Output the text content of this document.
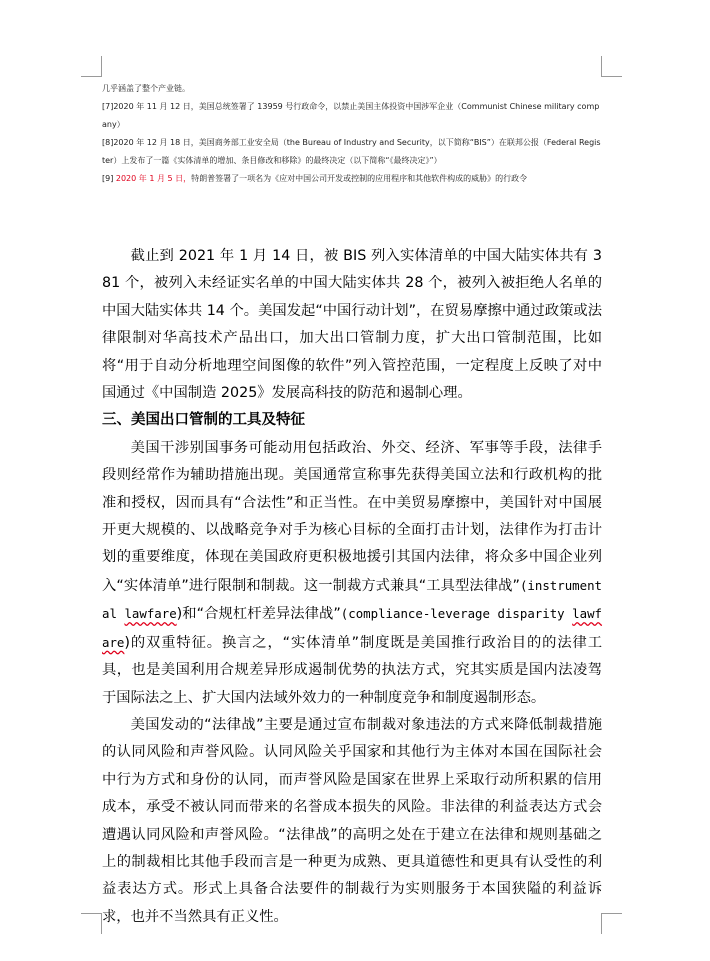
几乎涵盖了整个产业链。

[7]2020 年 11 月 12 日，美国总统签署了 13959 号行政命令，以禁止美国主体投资中国涉军企业（Communist Chinese military company）

[8]2020 年 12 月 18 日，美国商务部工业安全局（the Bureau of Industry and Security，以下简称“BIS”）在联邦公报（Federal Register）上发布了一篇《实体清单的增加、条目修改和移除》的最终决定（以下简称“《最终决定》”）

[9] 2020 年 1 月 5 日，特朗普签署了一项名为《应对中国公司开发或控制的应用程序和其他软件构成的威胁》的行政令

截止到 2021 年 1 月 14 日，被 BIS 列入实体清单的中国大陆实体共有 381 个，被列入未经证实名单的中国大陆实体共 28 个，被列入被拒绝人名单的中国大陆实体共 14 个。美国发起“中国行动计划”，在贸易摩擦中通过政策或法律限制对华高技术产品出口，加大出口管制力度，扩大出口管制范围，比如将“用于自动分析地理空间图像的软件”列入管控范围，一定程度上反映了对中国通过《中国制造 2025》发展高科技的防范和遏制心理。

三、美国出口管制的工具及特征

美国干涉别国事务可能动用包括政治、外交、经济、军事等手段，法律手段则经常作为辅助措施出现。美国通常宣称事先获得美国立法和行政机构的批准和授权，因而具有“合法性”和正当性。在中美贸易摩擦中，美国针对中国展开更大规模的、以战略竞争对手为核心目标的全面打击计划，法律作为打击计划的重要维度，体现在美国政府更积极地援引其国内法律，将众多中国企业列入“实体清单”进行限制和制裁。这一制裁方式兼具“工具型法律战”(instrumental lawfare)和“合规杠杆差异法律战”(compliance-leverage disparity lawfare)的双重特征。换言之，“实体清单”制度既是美国推行政治目的的法律工具，也是美国利用合规差异形成遏制优势的执法方式，究其实质是国内法凌驾于国际法之上、扩大国内法域外效力的一种制度竞争和制度遏制形态。

美国发动的“法律战”主要是通过宣布制裁对象违法的方式来降低制裁措施的认同风险和声誉风险。认同风险关乎国家和其他行为主体对本国在国际社会中行为方式和身份的认同，而声誉风险是国家在世界上采取行动所积累的信用成本，承受不被认同而带来的名誉成本损失的风险。非法律的利益表达方式会遭遇认同风险和声誉风险。“法律战”的高明之处在于建立在法律和规则基础之上的制裁相比其他手段而言是一种更为成熟、更具道德性和更具有认受性的利益表达方式。形式上具备合法要件的制裁行为实则服务于本国狭隘的利益诉求，也并不当然具有正义性。
